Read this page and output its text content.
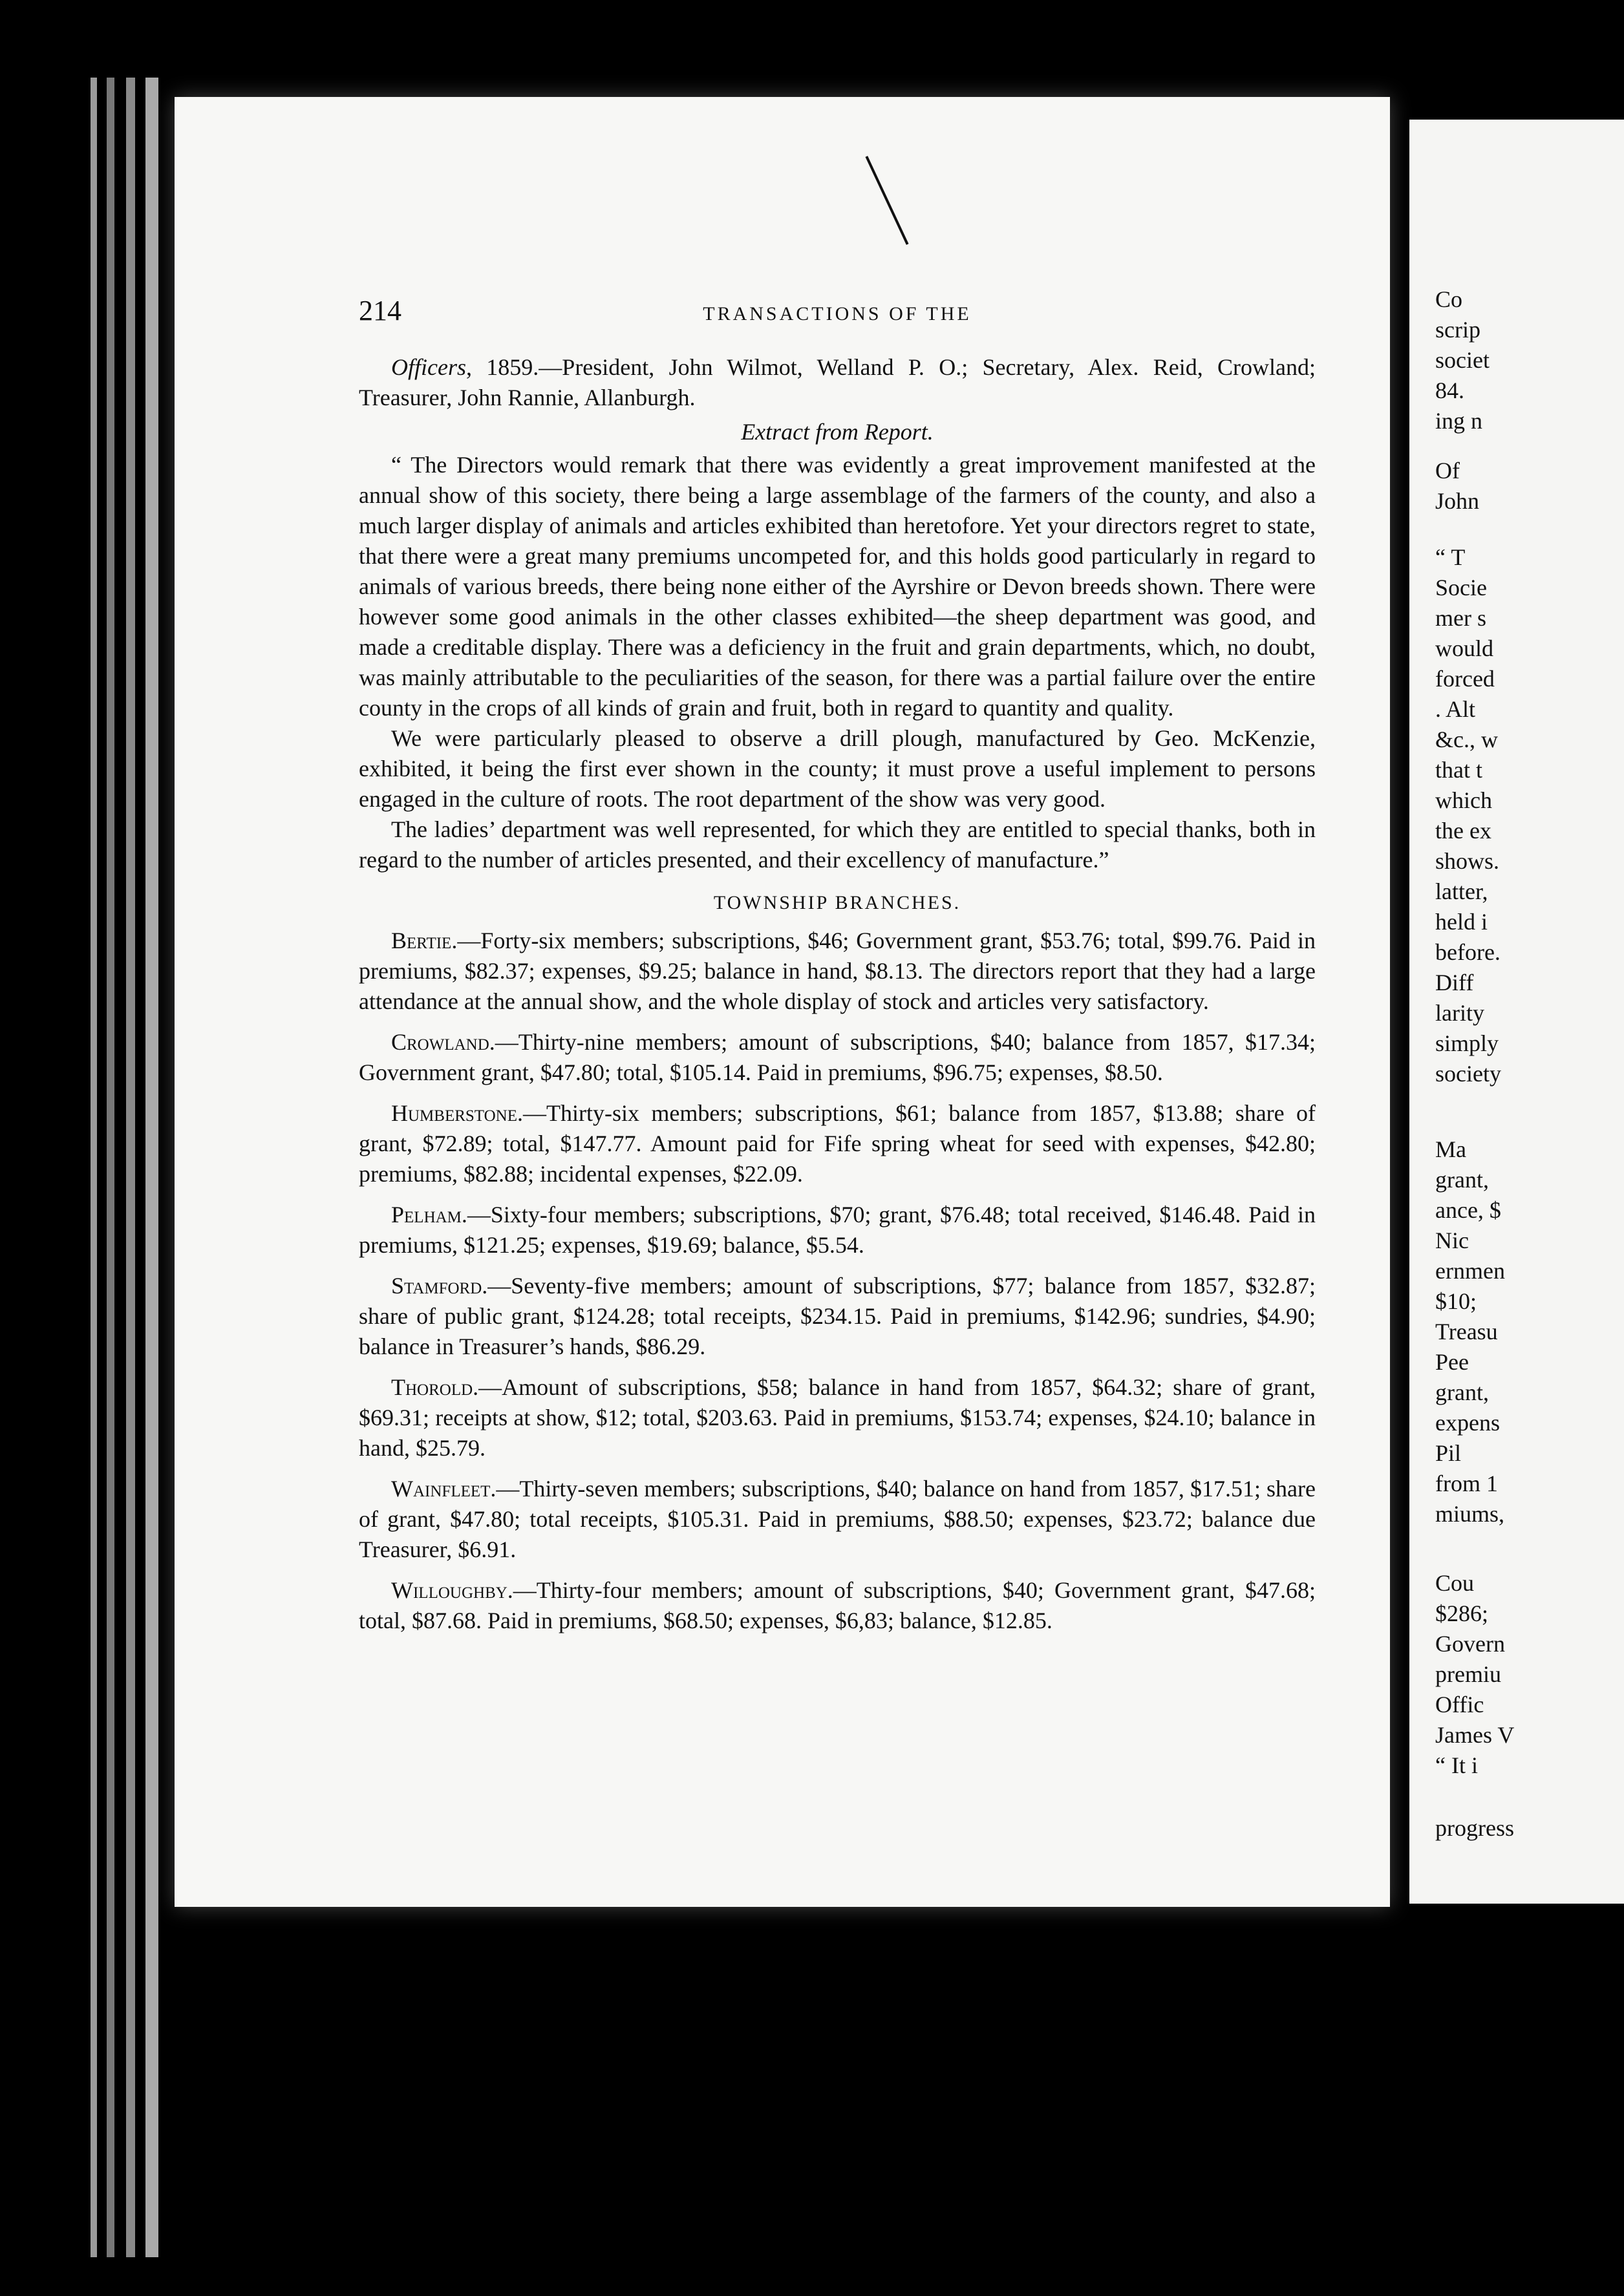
Co
scrip
societ
84.
ing n
Of
John
“ T
Socie
mer s
would
forced
. Alt
&c., w
that t
which
the ex
shows.
latter,
held i
before.
Diff
larity
simply
society
Ma
grant,
ance, $
Nic
ernmen
$10;
Treasu
Pee
grant,
expens
Pil
from 1
miums,
Cou
$286;
Govern
premiu
Offic
James V
“ It i
progress
214	TRANSACTIONS OF THE

Officers, 1859.—President, John Wilmot, Welland P. O.; Secretary, Alex. Reid, Crowland; Treasurer, John Rannie, Allanburgh.

Extract from Report.

“ The Directors would remark that there was evidently a great improvement manifested at the annual show of this society, there being a large assemblage of the farmers of the county, and also a much larger display of animals and articles exhibited than heretofore. Yet your directors regret to state, that there were a great many premiums uncompeted for, and this holds good particularly in regard to animals of various breeds, there being none either of the Ayrshire or Devon breeds shown. There were however some good animals in the other classes exhibited—the sheep department was good, and made a creditable display. There was a deficiency in the fruit and grain departments, which, no doubt, was mainly attributable to the peculiarities of the season, for there was a partial failure over the entire county in the crops of all kinds of grain and fruit, both in regard to quantity and quality.

We were particularly pleased to observe a drill plough, manufactured by Geo. McKenzie, exhibited, it being the first ever shown in the county; it must prove a useful implement to persons engaged in the culture of roots. The root department of the show was very good.

The ladies’ department was well represented, for which they are entitled to special thanks, both in regard to the number of articles presented, and their excellency of manufacture.”

TOWNSHIP BRANCHES.

Bertie.—Forty-six members; subscriptions, $46; Government grant, $53.76; total, $99.76. Paid in premiums, $82.37; expenses, $9.25; balance in hand, $8.13. The directors report that they had a large attendance at the annual show, and the whole display of stock and articles very satisfactory.

Crowland.—Thirty-nine members; amount of subscriptions, $40; balance from 1857, $17.34; Government grant, $47.80; total, $105.14. Paid in premiums, $96.75; expenses, $8.50.

Humberstone.—Thirty-six members; subscriptions, $61; balance from 1857, $13.88; share of grant, $72.89; total, $147.77. Amount paid for Fife spring wheat for seed with expenses, $42.80; premiums, $82.88; incidental expenses, $22.09.

Pelham.—Sixty-four members; subscriptions, $70; grant, $76.48; total received, $146.48. Paid in premiums, $121.25; expenses, $19.69; balance, $5.54.

Stamford.—Seventy-five members; amount of subscriptions, $77; balance from 1857, $32.87; share of public grant, $124.28; total receipts, $234.15. Paid in premiums, $142.96; sundries, $4.90; balance in Treasurer’s hands, $86.29.

Thorold.—Amount of subscriptions, $58; balance in hand from 1857, $64.32; share of grant, $69.31; receipts at show, $12; total, $203.63. Paid in premiums, $153.74; expenses, $24.10; balance in hand, $25.79.

Wainfleet.—Thirty-seven members; subscriptions, $40; balance on hand from 1857, $17.51; share of grant, $47.80; total receipts, $105.31. Paid in premiums, $88.50; expenses, $23.72; balance due Treasurer, $6.91.

Willoughby.—Thirty-four members; amount of subscriptions, $40; Government grant, $47.68; total, $87.68. Paid in premiums, $68.50; expenses, $6,83; balance, $12.85.
